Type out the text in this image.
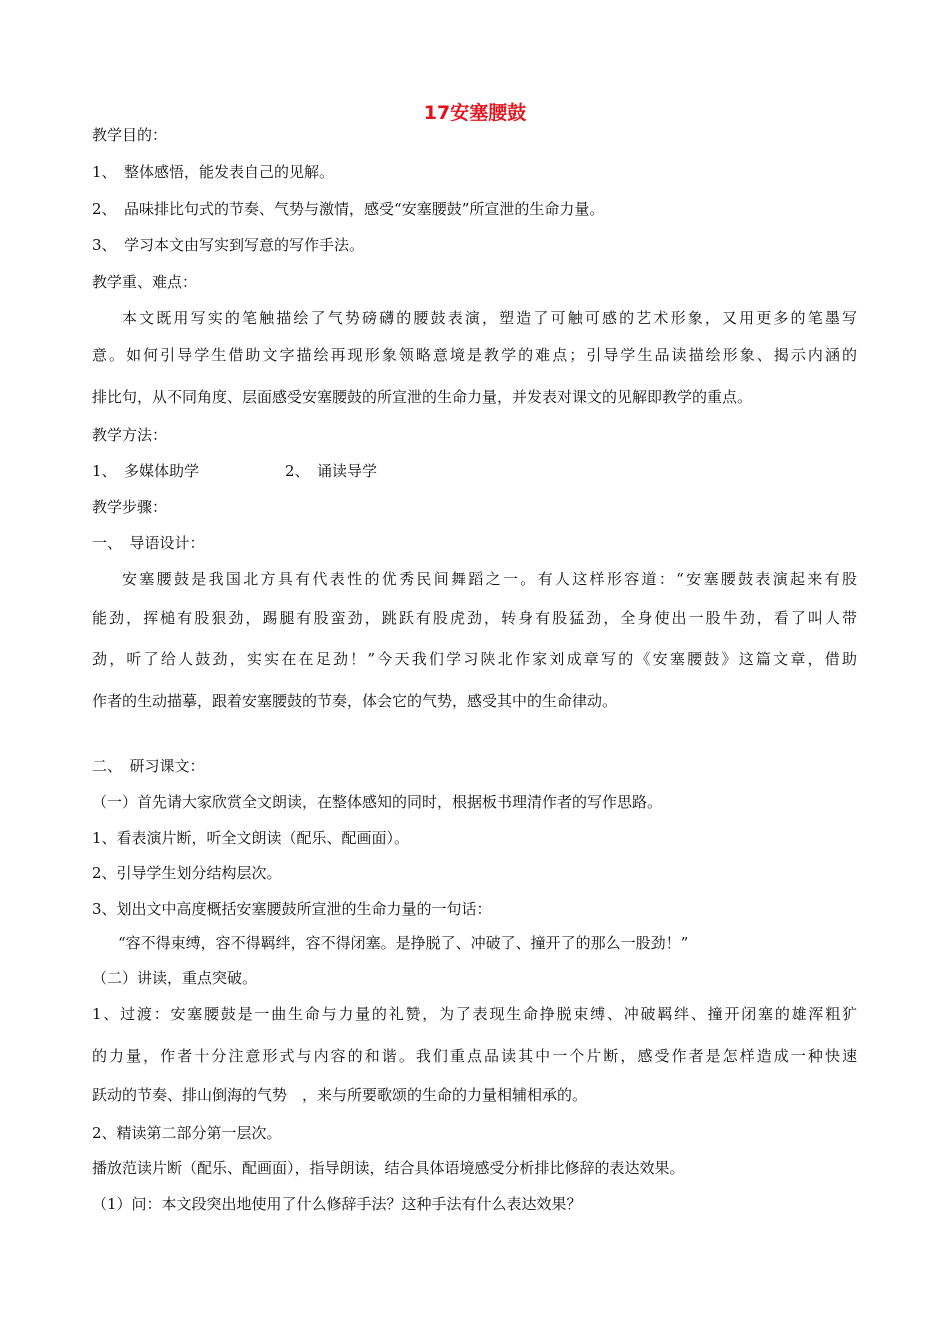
17安塞腰鼓
教学目的：
1、　整体感悟，能发表自己的见解。
2、　品味排比句式的节奏、气势与激情，感受“安塞腰鼓”所宣泄的生命力量。
3、　学习本文由写实到写意的写作手法。
教学重、难点：
本文既用写实的笔触描绘了气势磅礴的腰鼓表演，塑造了可触可感的艺术形象，又用更多的笔墨写
意。如何引导学生借助文字描绘再现形象领略意境是教学的难点；引导学生品读描绘形象、揭示内涵的
排比句，从不同角度、层面感受安塞腰鼓的所宣泄的生命力量，并发表对课文的见解即教学的重点。
教学方法：
1、　多媒体助学	2、　诵读导学
教学步骤：
一、　导语设计：
安塞腰鼓是我国北方具有代表性的优秀民间舞蹈之一。有人这样形容道：“安塞腰鼓表演起来有股
能劲，挥槌有股狠劲，踢腿有股蛮劲，跳跃有股虎劲，转身有股猛劲，全身使出一股牛劲，看了叫人带
劲，听了给人鼓劲，实实在在足劲！”今天我们学习陕北作家刘成章写的《安塞腰鼓》这篇文章，借助
作者的生动描摹，跟着安塞腰鼓的节奏，体会它的气势，感受其中的生命律动。
二、　研习课文：
（一）首先请大家欣赏全文朗读，在整体感知的同时，根据板书理清作者的写作思路。
1、看表演片断，听全文朗读（配乐、配画面）。
2、引导学生划分结构层次。
3、划出文中高度概括安塞腰鼓所宣泄的生命力量的一句话：
“容不得束缚，容不得羁绊，容不得闭塞。是挣脱了、冲破了、撞开了的那么一股劲！”
（二）讲读，重点突破。
1、过渡：安塞腰鼓是一曲生命与力量的礼赞，为了表现生命挣脱束缚、冲破羁绊、撞开闭塞的雄浑粗犷
的力量，作者十分注意形式与内容的和谐。我们重点品读其中一个片断，感受作者是怎样造成一种快速
跃动的节奏、排山倒海的气势　，来与所要歌颂的生命的力量相辅相承的。
2、精读第二部分第一层次。
播放范读片断（配乐、配画面），指导朗读，结合具体语境感受分析排比修辞的表达效果。
（1）问：本文段突出地使用了什么修辞手法？这种手法有什么表达效果？
